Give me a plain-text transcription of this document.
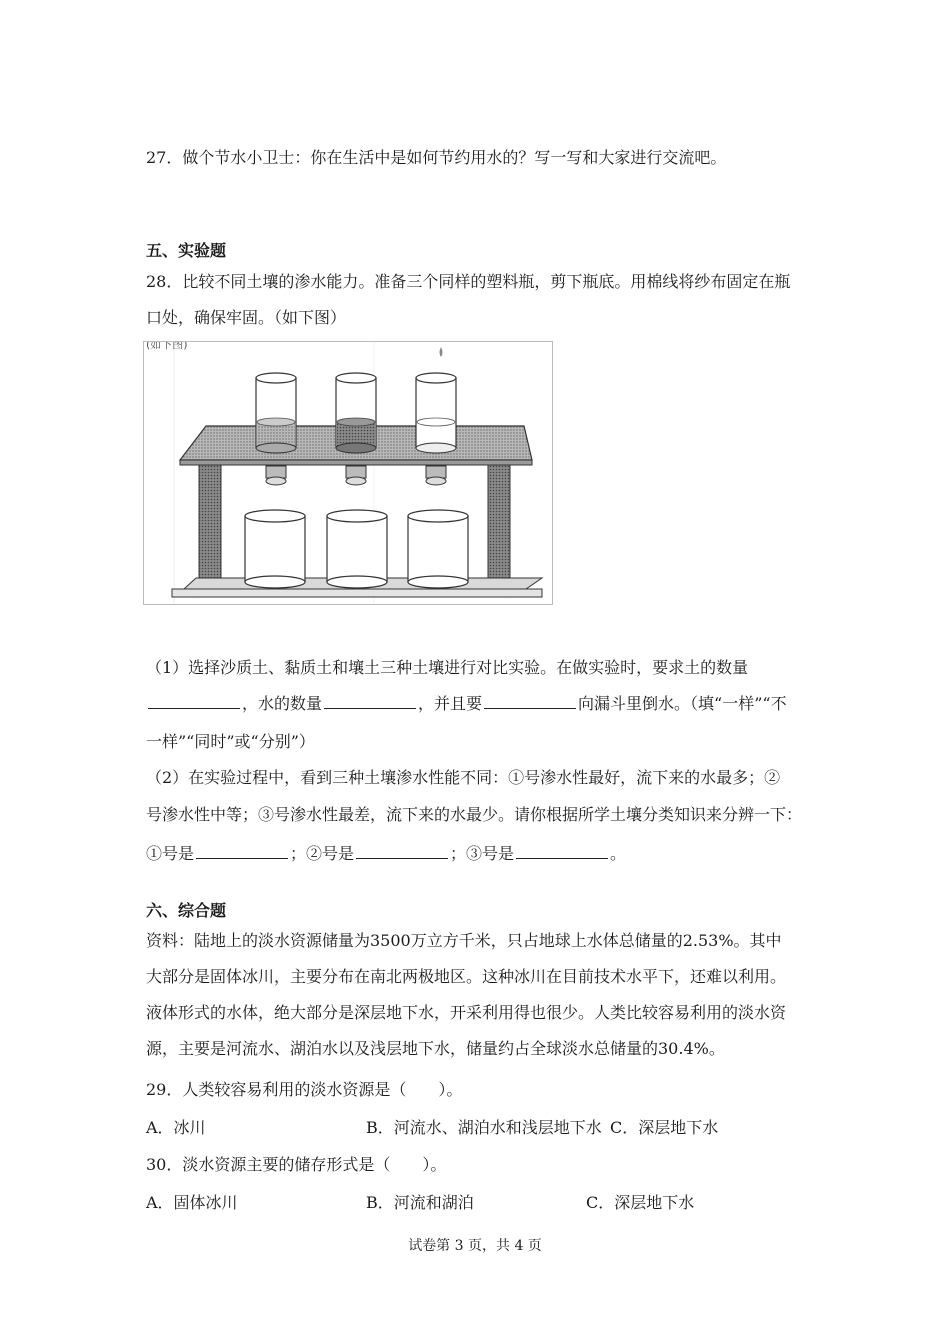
27．做个节水小卫士：你在生活中是如何节约用水的？写一写和大家进行交流吧。
五、实验题
28．比较不同土壤的渗水能力。准备三个同样的塑料瓶，剪下瓶底。用棉线将纱布固定在瓶
口处，确保牢固。（如下图）
(如下图)
（1）选择沙质土、黏质土和壤土三种土壤进行对比实验。在做实验时，要求土的数量
，水的数量	，并且要	向漏斗里倒水。（填“一样”“不
一样”“同时”或“分别”）
（2）在实验过程中，看到三种土壤渗水性能不同：①号渗水性最好，流下来的水最多；②
号渗水性中等；③号渗水性最差，流下来的水最少。请你根据所学土壤分类知识来分辨一下：
①号是	；②号是	；③号是	。
六、综合题
资料：陆地上的淡水资源储量为3500万立方千米，只占地球上水体总储量的2.53%。其中
大部分是固体冰川，主要分布在南北两极地区。这种冰川在目前技术水平下，还难以利用。
液体形式的水体，绝大部分是深层地下水，开采利用得也很少。人类比较容易利用的淡水资
源，主要是河流水、湖泊水以及浅层地下水，储量约占全球淡水总储量的30.4%。
29．人类较容易利用的淡水资源是（　　）。
A．冰川	B．河流水、湖泊水和浅层地下水 C．深层地下水
30．淡水资源主要的储存形式是（　　）。
A．固体冰川	B．河流和湖泊	C．深层地下水
试卷第 3 页，共 4 页
